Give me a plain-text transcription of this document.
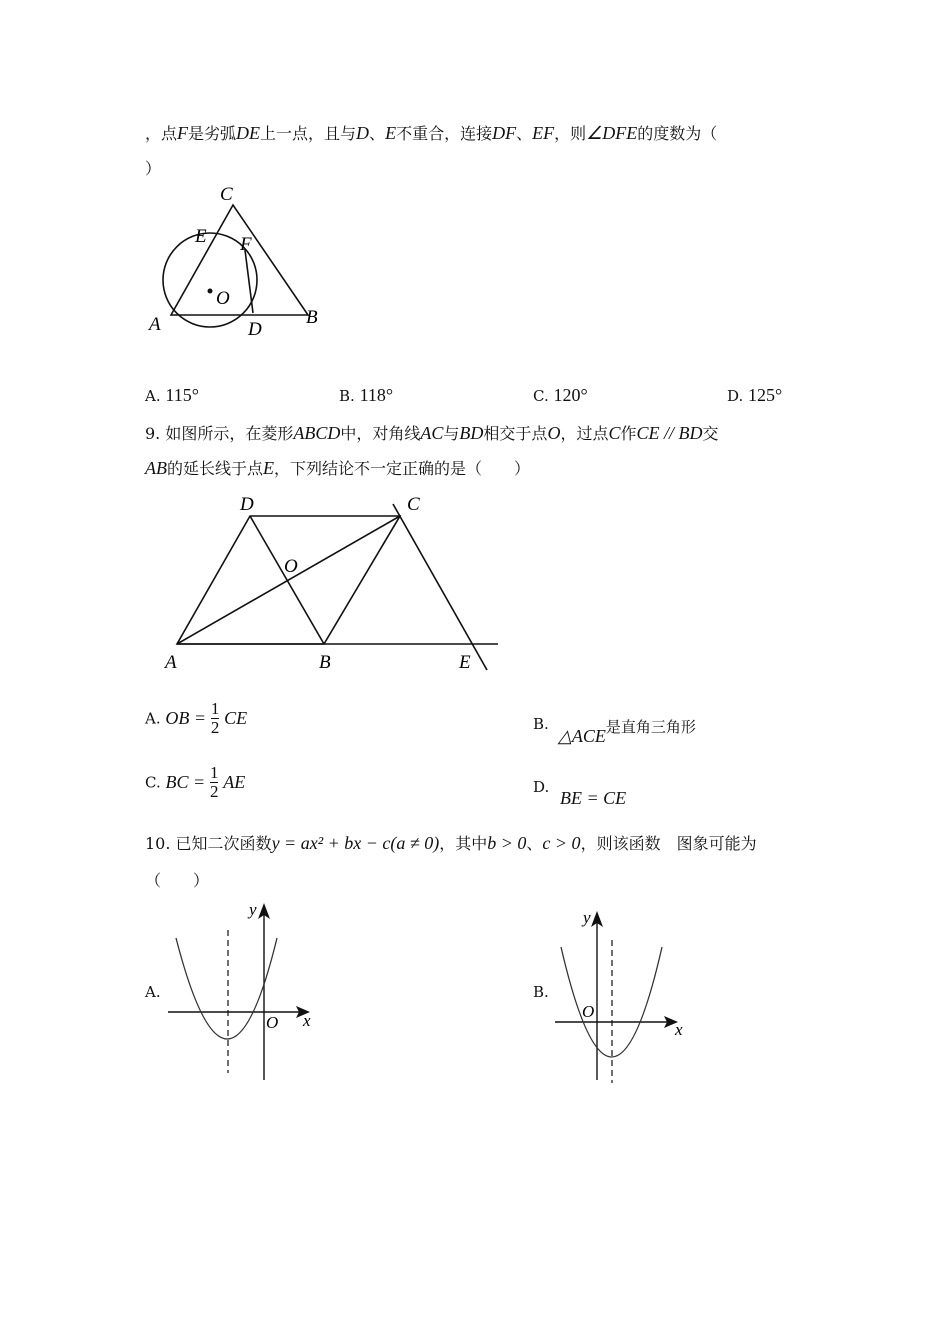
，点F是劣弧DE上一点，且与D、E不重合，连接DF、EF，则∠DFE的度数为（
）
C
E F
O
A	D
B
A. 115°	B. 118°	C. 120°	D. 125°
9. 如图所示，在菱形ABCD中，对角线AC与BD相交于点O，过点C作CE // BD交
AB的延长线于点E，下列结论不一定正确的是（　　）
D	C
O
A	B	E
A. OB = $\frac{1}{2}$ CE	B.
△ACE是直角三角形
C. BC = $\frac{1}{2}$ AE	D.
BE = CE
10. 已知二次函数y = ax² + bx − c(a ≠ 0)，其中b > 0、c > 0，则该函数　图象可能为
（　　）
A.
y
x
O
B.
y
x
O
